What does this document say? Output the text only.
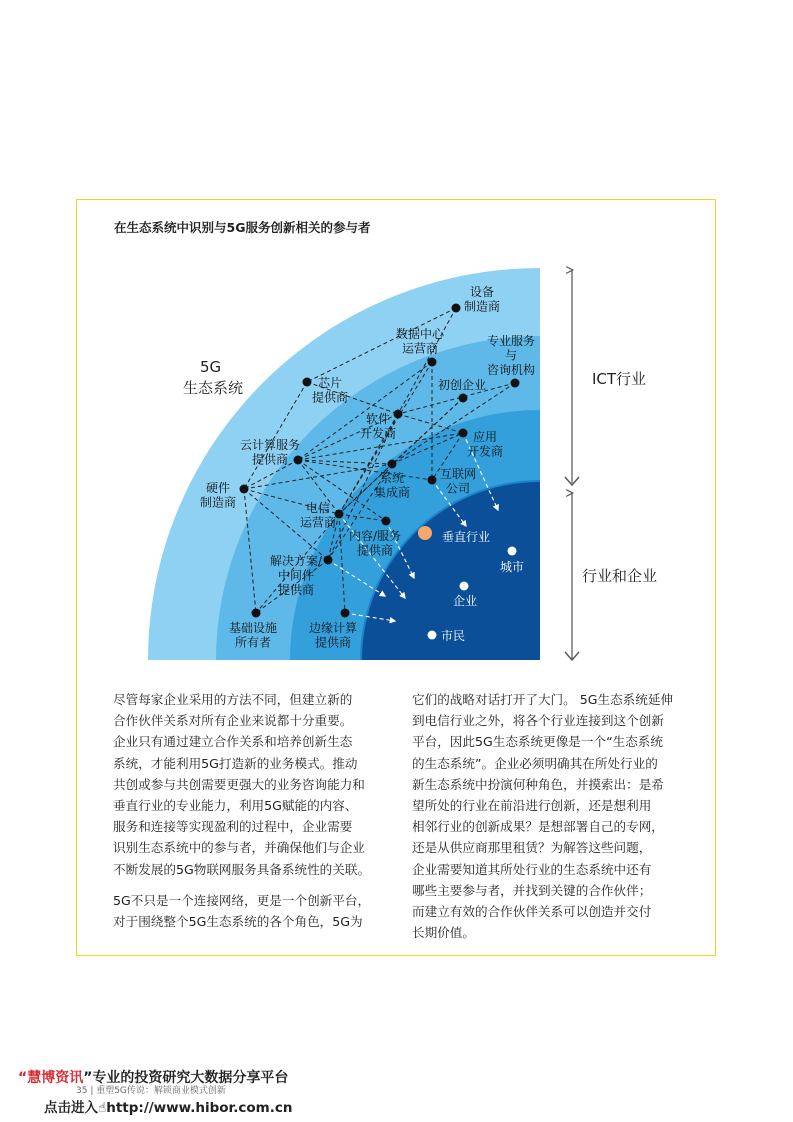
在生态系统中识别与5G服务创新相关的参与者
设备制造商
数据中心运营商
专业服务与咨询机构
芯片提供商
初创企业
软件开发商	应用开发商
云计算服务提供商
系统集成商
互联网公司
硬件制造商	电信运营商
内容/服务提供商
解决方案/中间件提供商
基础设施所有者
边缘计算提供商
垂直行业
城市
企业
市民
5G 生态系统	ICT行业
行业和企业

尽管每家企业采用的方法不同，但建立新的
合作伙伴关系对所有企业来说都十分重要。
企业只有通过建立合作关系和培养创新生态
系统，才能利用5G打造新的业务模式。推动
共创或参与共创需要更强大的业务咨询能力和
垂直行业的专业能力，利用5G赋能的内容、
服务和连接等实现盈利的过程中，企业需要
识别生态系统中的参与者，并确保他们与企业
不断发展的5G物联网服务具备系统性的关联。

5G不只是一个连接网络，更是一个创新平台，
对于围绕整个5G生态系统的各个角色，5G为

它们的战略对话打开了大门。 5G生态系统延伸
到电信行业之外，将各个行业连接到这个创新
平台，因此5G生态系统更像是一个“生态系统
的生态系统”。企业必须明确其在所处行业的
新生态系统中扮演何种角色，并摸索出：是希
望所处的行业在前沿进行创新，还是想利用
相邻行业的创新成果？是想部署自己的专网，
还是从供应商那里租赁？为解答这些问题，
企业需要知道其所处行业的生态系统中还有
哪些主要参与者，并找到关键的合作伙伴；
而建立有效的合作伙伴关系可以创造并交付
长期价值。

“慧博资讯”专业的投资研究大数据分享平台
35 | 重塑5G传说：解锁商业模式创新
点击进入☝http://www.hibor.com.cn
